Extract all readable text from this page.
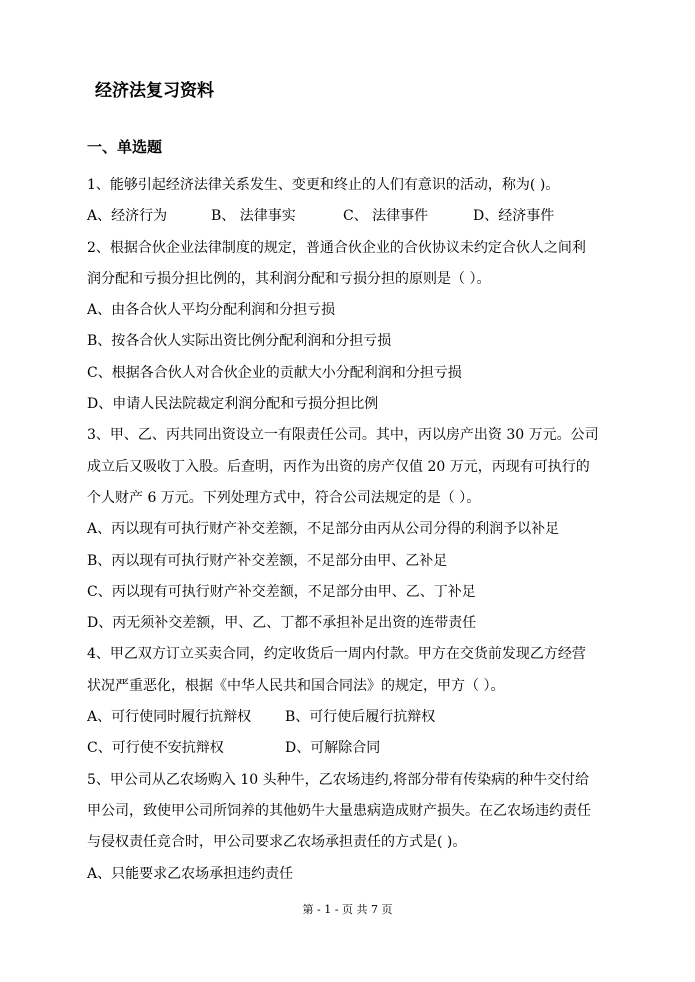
经济法复习资料
一、单选题
1、能够引起经济法律关系发生、变更和终止的人们有意识的活动，称为( )。
A、经济行为	B、 法律事实	C、 法律事件	D、经济事件
2、根据合伙企业法律制度的规定，普通合伙企业的合伙协议未约定合伙人之间利
润分配和亏损分担比例的，其利润分配和亏损分担的原则是（ ）。
A、由各合伙人平均分配利润和分担亏损
B、按各合伙人实际出资比例分配利润和分担亏损
C、根据各合伙人对合伙企业的贡献大小分配利润和分担亏损
D、申请人民法院裁定利润分配和亏损分担比例
3、甲、乙、丙共同出资设立一有限责任公司。其中，丙以房产出资 30 万元。公司
成立后又吸收丁入股。后查明，丙作为出资的房产仅值 20 万元，丙现有可执行的
个人财产 6 万元。下列处理方式中，符合公司法规定的是（ ）。
A、丙以现有可执行财产补交差额，不足部分由丙从公司分得的利润予以补足
B、丙以现有可执行财产补交差额，不足部分由甲、乙补足
C、丙以现有可执行财产补交差额，不足部分由甲、乙、丁补足
D、丙无须补交差额，甲、乙、丁都不承担补足出资的连带责任
4、甲乙双方订立买卖合同，约定收货后一周内付款。甲方在交货前发现乙方经营
状况严重恶化，根据《中华人民共和国合同法》的规定，甲方（ ）。
A、可行使同时履行抗辩权	B、可行使后履行抗辩权
C、可行使不安抗辩权	D、可解除合同
5、甲公司从乙农场购入 10 头种牛，乙农场违约,将部分带有传染病的种牛交付给
甲公司，致使甲公司所饲养的其他奶牛大量患病造成财产损失。在乙农场违约责任
与侵权责任竞合时，甲公司要求乙农场承担责任的方式是( )。
A、只能要求乙农场承担违约责任
第 - 1 - 页 共 7 页
